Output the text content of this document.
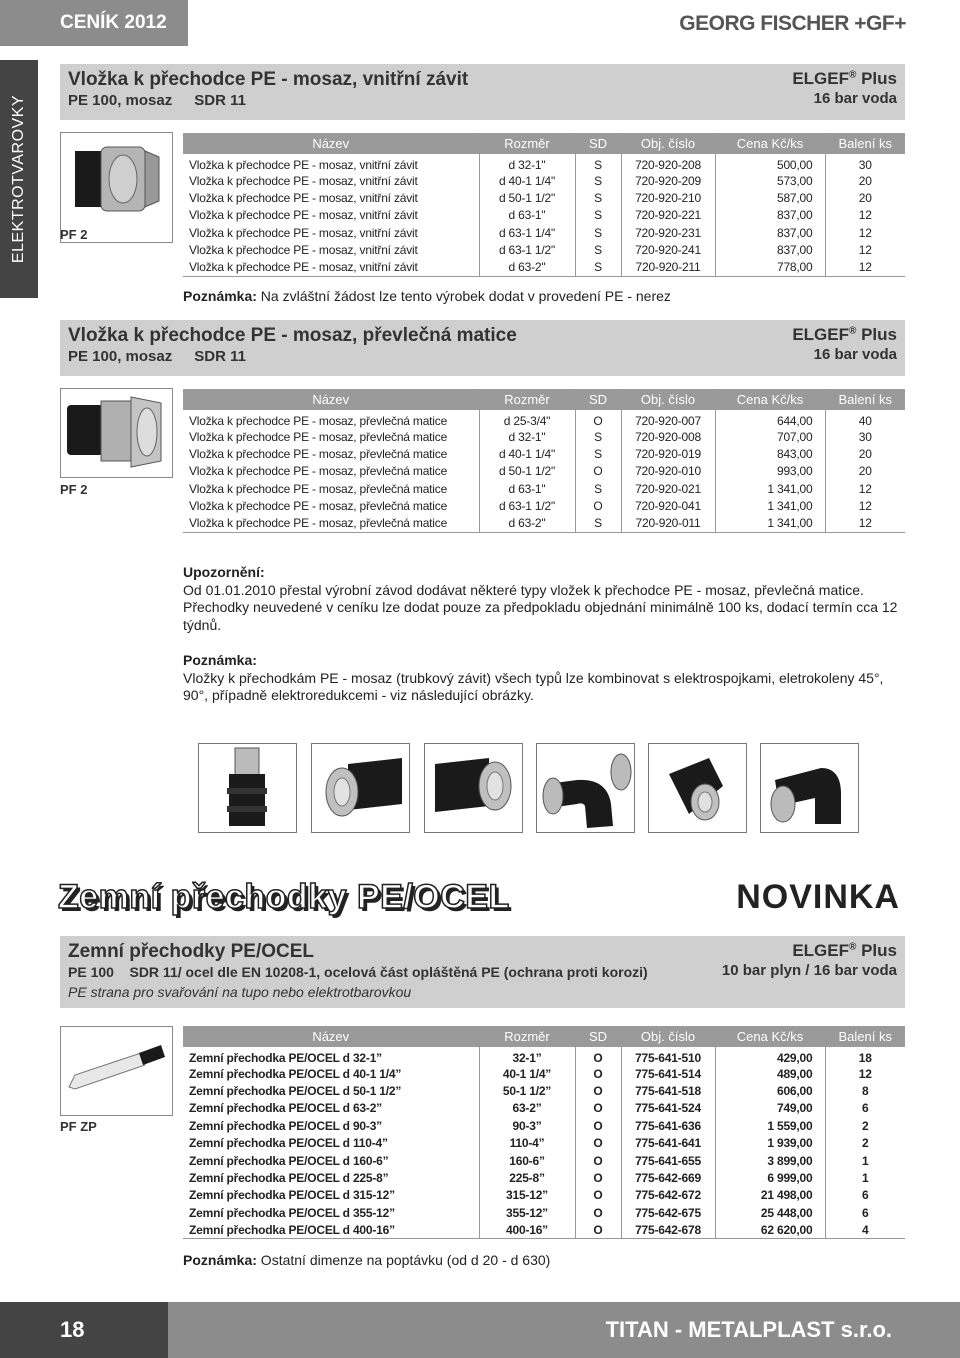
CENÍK 2012	GEORG FISCHER +GF+
ELEKTROTVAROVKY
Vložka k přechodce PE - mosaz, vnitřní závit
PE 100, mosaz SDR 11
ELGEF® Plus
16 bar voda
PF 2
Název	Rozměr	SD	Obj. číslo	Cena Kč/ks	Balení ks
Vložka k přechodce PE - mosaz, vnitřní závit	d 32-1"	S	720-920-208	500,00	30
Vložka k přechodce PE - mosaz, vnitřní závit	d 40-1 1/4"	S	720-920-209	573,00	20
Vložka k přechodce PE - mosaz, vnitřní závit	d 50-1 1/2"	S	720-920-210	587,00	20
Vložka k přechodce PE - mosaz, vnitřní závit	d 63-1"	S	720-920-221	837,00	12
Vložka k přechodce PE - mosaz, vnitřní závit	d 63-1 1/4"	S	720-920-231	837,00	12
Vložka k přechodce PE - mosaz, vnitřní závit	d 63-1 1/2"	S	720-920-241	837,00	12
Vložka k přechodce PE - mosaz, vnitřní závit	d 63-2"	S	720-920-211	778,00	12
Poznámka: Na zvláštní žádost lze tento výrobek dodat v provedení PE - nerez
Vložka k přechodce PE - mosaz, převlečná matice
PE 100, mosaz SDR 11
ELGEF® Plus
16 bar voda
PF 2
Název	Rozměr	SD	Obj. číslo	Cena Kč/ks	Balení ks
Vložka k přechodce PE - mosaz, převlečná matice	d 25-3/4"	O	720-920-007	644,00	40
Vložka k přechodce PE - mosaz, převlečná matice	d 32-1"	S	720-920-008	707,00	30
Vložka k přechodce PE - mosaz, převlečná matice	d 40-1 1/4"	S	720-920-019	843,00	20
Vložka k přechodce PE - mosaz, převlečná matice	d 50-1 1/2"	O	720-920-010	993,00	20
Vložka k přechodce PE - mosaz, převlečná matice	d 63-1"	S	720-920-021	1 341,00	12
Vložka k přechodce PE - mosaz, převlečná matice	d 63-1 1/2"	O	720-920-041	1 341,00	12
Vložka k přechodce PE - mosaz, převlečná matice	d 63-2"	S	720-920-011	1 341,00	12
Upozornění:
Od 01.01.2010 přestal výrobní závod dodávat některé typy vložek k přechodce PE - mosaz, převlečná matice. Přechodky neuvedené v ceníku lze dodat pouze za předpokladu objednání minimálně 100 ks, dodací termín cca 12 týdnů.
Poznámka:
Vložky k přechodkám PE - mosaz (trubkový závit) všech typů lze kombinovat s elektrospojkami, eletrokoleny 45°, 90°, případně elektroredukcemi - viz následující obrázky.
Zemní přechodky PE/OCEL	NOVINKA
Zemní přechodky PE/OCEL
PE 100    SDR 11/ ocel dle EN 10208-1, ocelová část opláštěná PE (ochrana proti korozi)
PE strana pro svařování na tupo nebo elektrotbarovkou
ELGEF® Plus
10 bar plyn / 16 bar voda
PF ZP
Název	Rozměr	SD	Obj. číslo	Cena Kč/ks	Balení ks
Zemní přechodka PE/OCEL d 32-1”	32-1”	O	775-641-510	429,00	18
Zemní přechodka PE/OCEL d 40-1 1/4”	40-1 1/4”	O	775-641-514	489,00	12
Zemní přechodka PE/OCEL d 50-1 1/2”	50-1 1/2”	O	775-641-518	606,00	8
Zemní přechodka PE/OCEL d 63-2”	63-2”	O	775-641-524	749,00	6
Zemní přechodka PE/OCEL d 90-3”	90-3”	O	775-641-636	1 559,00	2
Zemní přechodka PE/OCEL d 110-4”	110-4”	O	775-641-641	1 939,00	2
Zemní přechodka PE/OCEL d 160-6”	160-6”	O	775-641-655	3 899,00	1
Zemní přechodka PE/OCEL d 225-8”	225-8”	O	775-642-669	6 999,00	1
Zemní přechodka PE/OCEL d 315-12”	315-12”	O	775-642-672	21 498,00	6
Zemní přechodka PE/OCEL d 355-12”	355-12”	O	775-642-675	25 448,00	6
Zemní přechodka PE/OCEL d 400-16”	400-16”	O	775-642-678	62 620,00	4
Poznámka: Ostatní dimenze na poptávku (od d 20 - d 630)
18	TITAN - METALPLAST s.r.o.
